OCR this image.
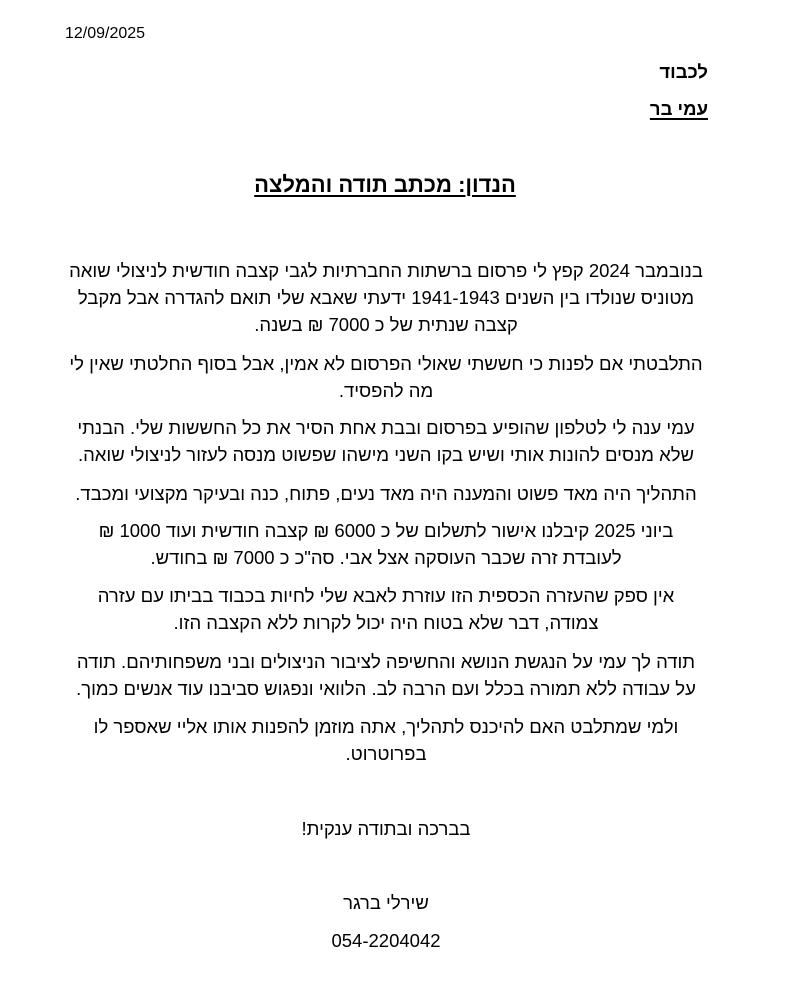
12/09/2025
לכבוד
עמי בר
הנדון: מכתב תודה והמלצה
בנובמבר 2024 קפץ לי פרסום ברשתות החברתיות לגבי קצבה חודשית לניצולי שואה
מטוניס שנולדו בין השנים 1941-1943 ידעתי שאבא שלי תואם להגדרה אבל מקבל
קצבה שנתית של כ 7000 ₪ בשנה.
התלבטתי אם לפנות כי חששתי שאולי הפרסום לא אמין, אבל בסוף החלטתי שאין לי
מה להפסיד.
עמי ענה לי לטלפון שהופיע בפרסום ובבת אחת הסיר את כל החששות שלי. הבנתי
שלא מנסים להונות אותי ושיש בקו השני מישהו שפשוט מנסה לעזור לניצולי שואה.
התהליך היה מאד פשוט והמענה היה מאד נעים, פתוח, כנה ובעיקר מקצועי ומכבד.
ביוני 2025 קיבלנו אישור לתשלום של כ 6000 ₪ קצבה חודשית ועוד 1000 ₪
לעובדת זרה שכבר העוסקה אצל אבי. סה"כ כ 7000 ₪ בחודש.
אין ספק שהעזרה הכספית הזו עוזרת לאבא שלי לחיות בכבוד בביתו עם עזרה
צמודה, דבר שלא בטוח היה יכול לקרות ללא הקצבה הזו.
תודה לך עמי על הנגשת הנושא והחשיפה לציבור הניצולים ובני משפחותיהם. תודה
על עבודה ללא תמורה בכלל ועם הרבה לב. הלוואי ונפגוש סביבנו עוד אנשים כמוך.
ולמי שמתלבט האם להיכנס לתהליך, אתה מוזמן להפנות אותו אליי שאספר לו
בפרוטרוט.
בברכה ובתודה ענקית!
שירלי ברגר
054-2204042
